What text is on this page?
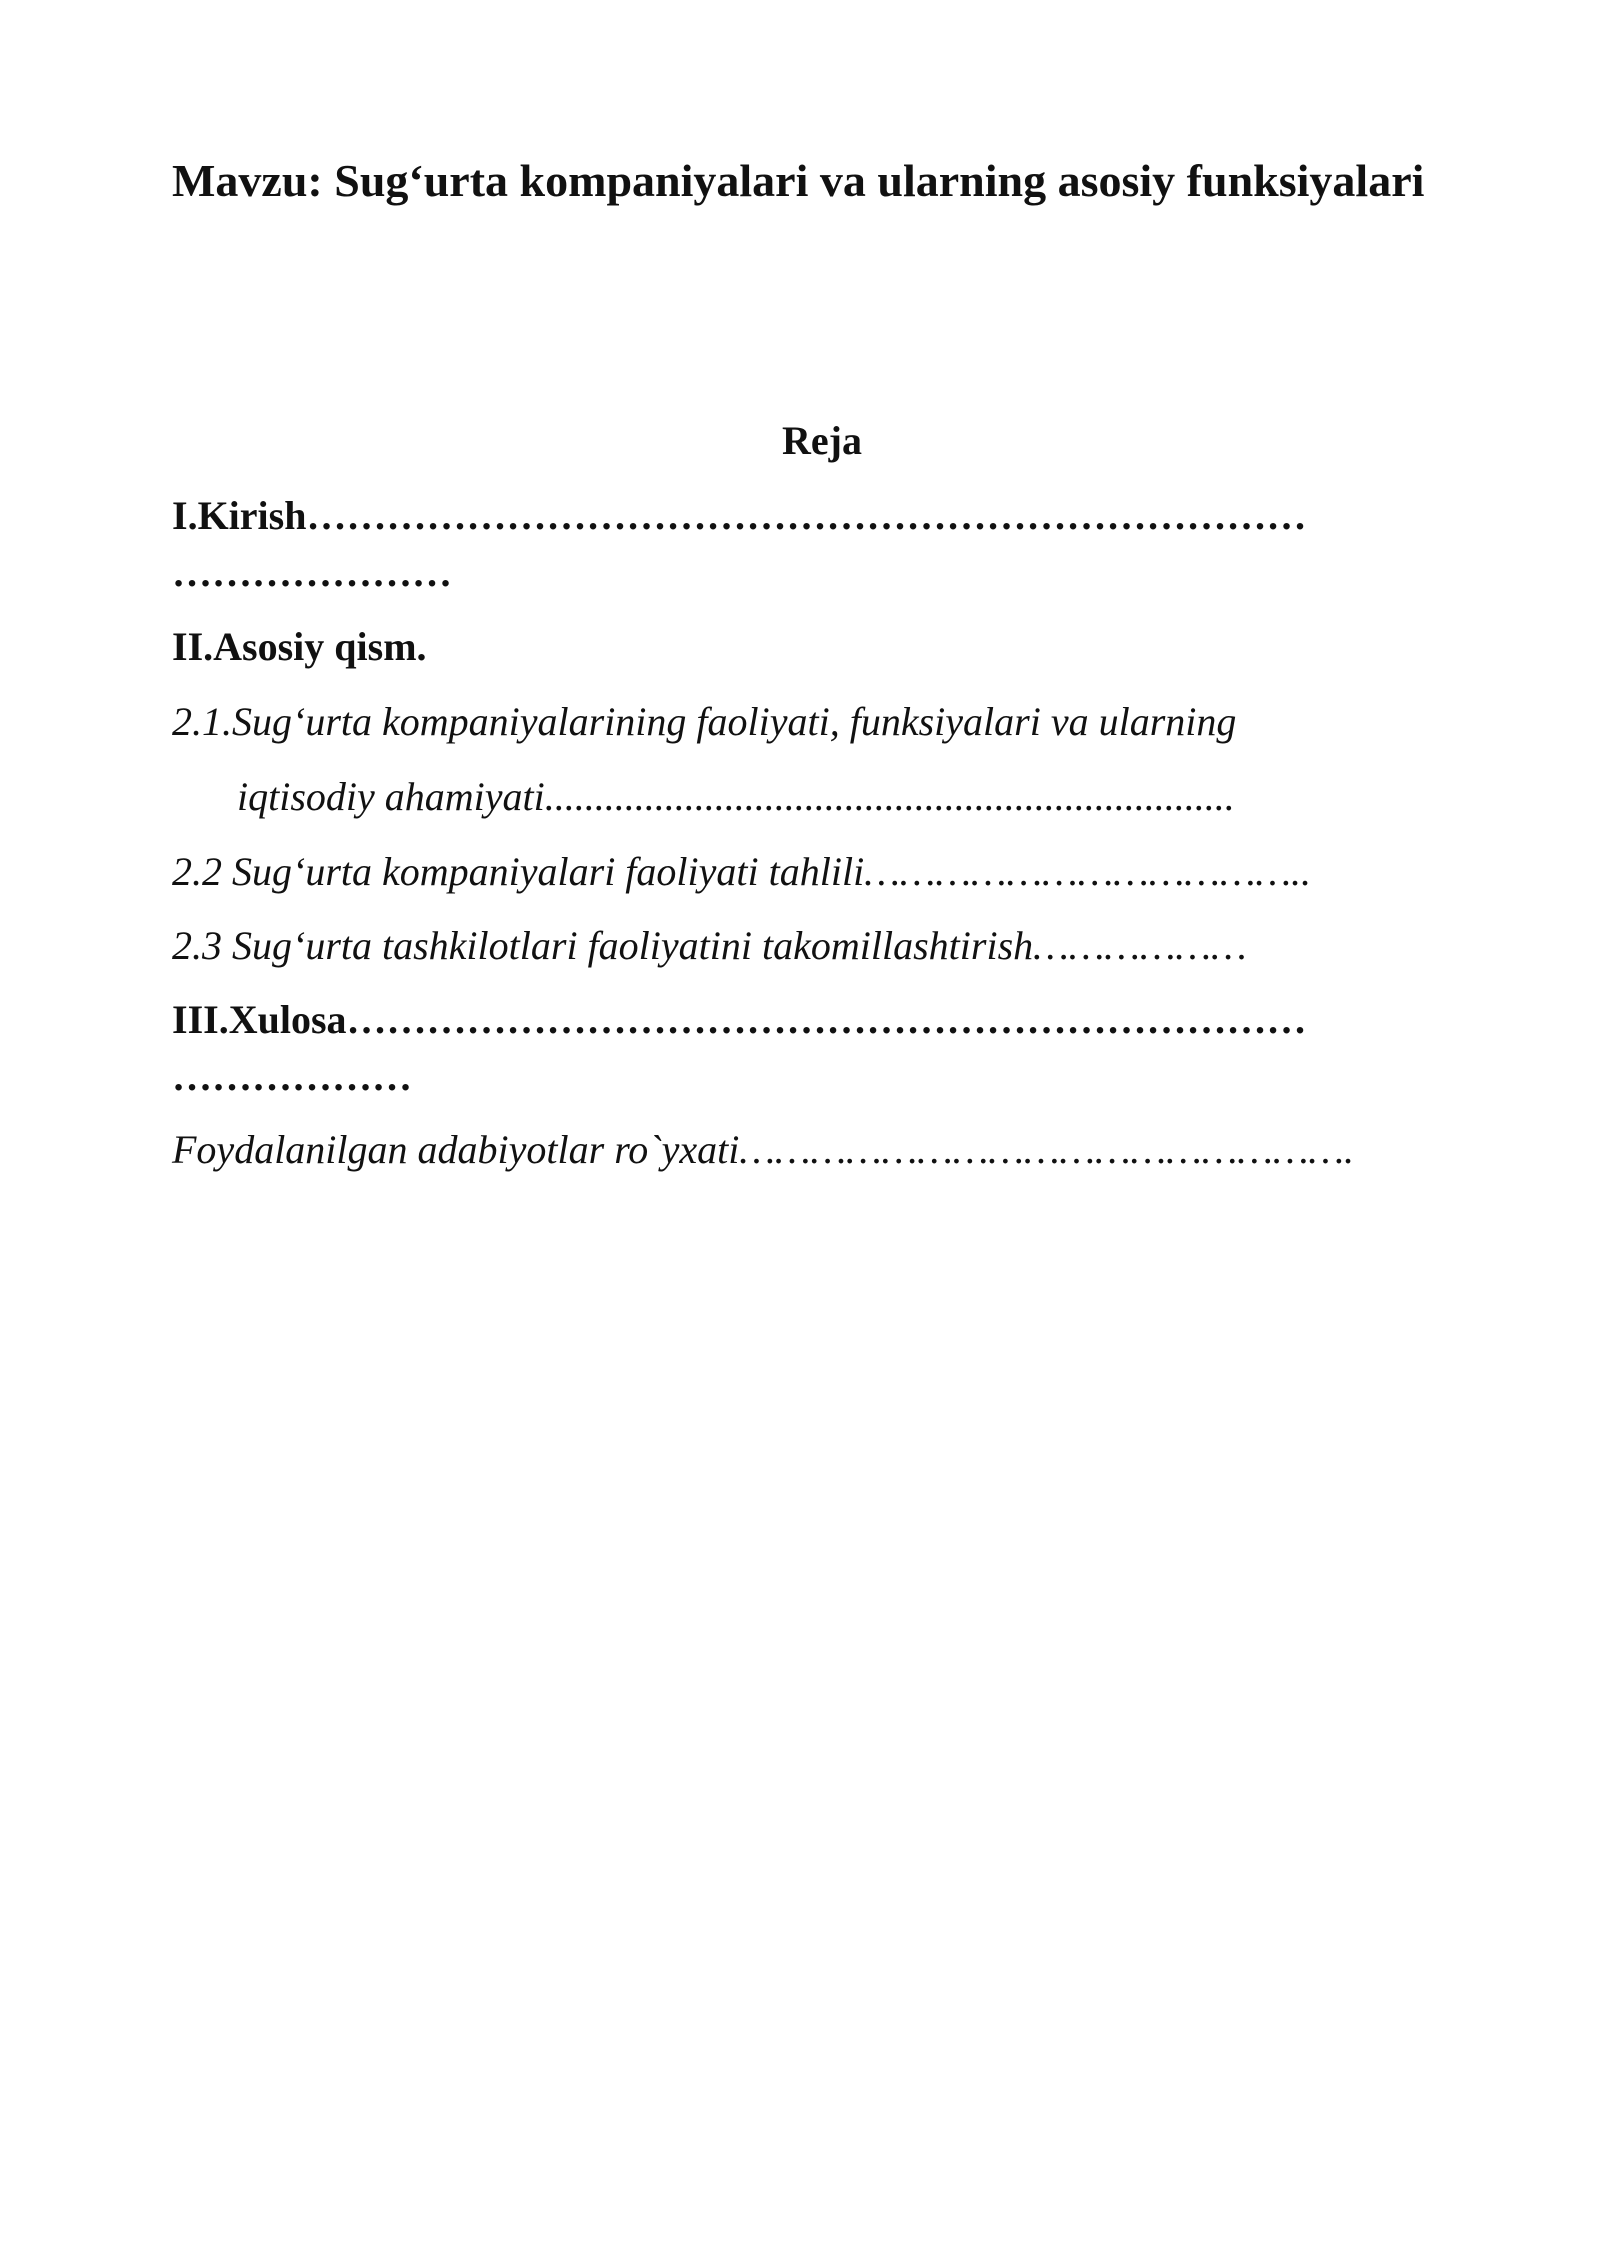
Mavzu: Sug‘urta kompaniyalari va ularning asosiy funksiyalari
Reja

I.Kirish…………………………………………………………………

…………………

II.Asosiy qism.

2.1.Sug‘urta kompaniyalarining faoliyati, funksiyalari va ularning

iqtisodiy ahamiyati.....................................................................

2.2 Sug‘urta kompaniyalari faoliyati tahlili………………………………..

2.3 Sug‘urta tashkilotlari faoliyatini takomillashtirish………………

III.Xulosa………………………………………………………………

………………

Foydalanilgan adabiyotlar ro`yxati…………………………………………….
